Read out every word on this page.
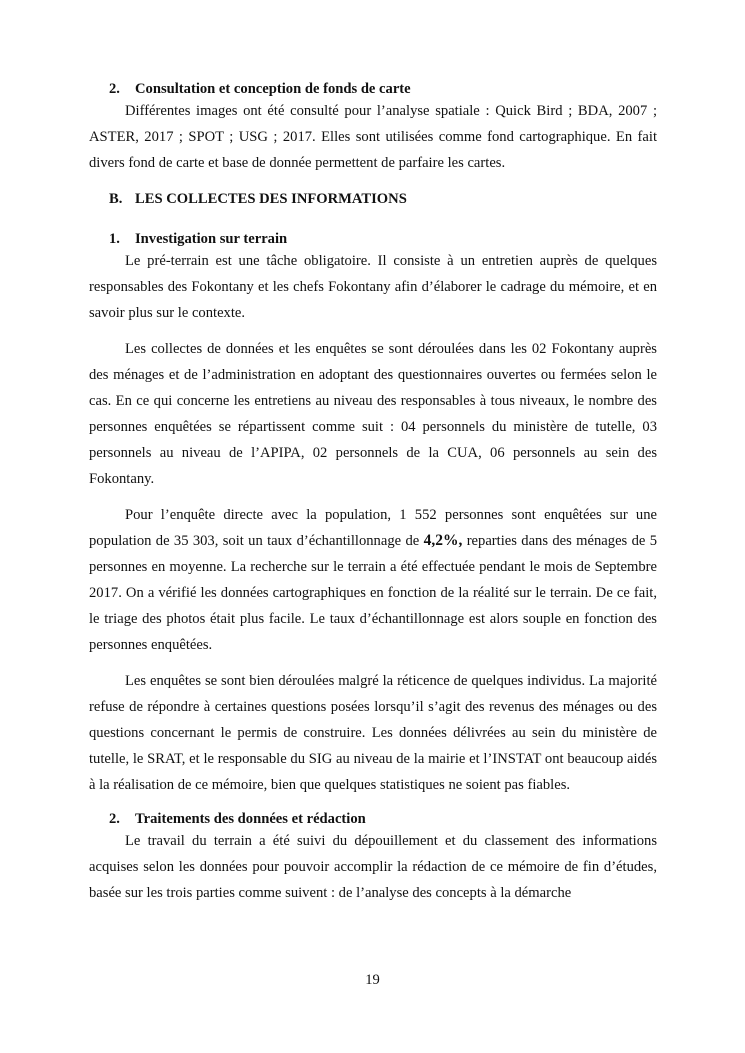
2.	Consultation et conception de fonds de carte

Différentes images ont été consulté pour l’analyse spatiale : Quick Bird ; BDA, 2007 ; ASTER, 2017 ; SPOT ; USG ; 2017. Elles sont utilisées comme fond cartographique. En fait divers fond de carte et base de donnée permettent de parfaire les cartes.

B. LES COLLECTES DES INFORMATIONS
1.	Investigation sur terrain

Le pré-terrain est une tâche obligatoire. Il consiste à un entretien auprès de quelques responsables des Fokontany et les chefs Fokontany afin d’élaborer le cadrage du mémoire, et en savoir plus sur le contexte.

Les collectes de données et les enquêtes se sont déroulées dans les 02 Fokontany auprès des ménages et de l’administration en adoptant des questionnaires ouvertes ou fermées selon le cas. En ce qui concerne les entretiens au niveau des responsables à tous niveaux, le nombre des personnes enquêtées se répartissent comme suit : 04 personnels du ministère de tutelle, 03 personnels au niveau de l’APIPA, 02 personnels de la CUA, 06 personnels au sein des Fokontany.

Pour l’enquête directe avec la population, 1 552 personnes sont enquêtées sur une population de 35 303, soit un taux d’échantillonnage de 4,2%, reparties dans des ménages de 5 personnes en moyenne. La recherche sur le terrain a été effectuée pendant le mois de Septembre 2017. On a vérifié les données cartographiques en fonction de la réalité sur le terrain. De ce fait, le triage des photos était plus facile. Le taux d’échantillonnage est alors souple en fonction des personnes enquêtées.

Les enquêtes se sont bien déroulées malgré la réticence de quelques individus. La majorité refuse de répondre à certaines questions posées lorsqu’il s’agit des revenus des ménages ou des questions concernant le permis de construire. Les données délivrées au sein du ministère de tutelle, le SRAT, et le responsable du SIG au niveau de la mairie et l’INSTAT ont beaucoup aidés à la réalisation de ce mémoire, bien que quelques statistiques ne soient pas fiables.

2.	Traitements des données et rédaction

Le travail du terrain a été suivi du dépouillement et du classement des informations acquises selon les données pour pouvoir accomplir la rédaction de ce mémoire de fin d’études, basée sur les trois parties comme suivent : de l’analyse des concepts à la démarche

19
